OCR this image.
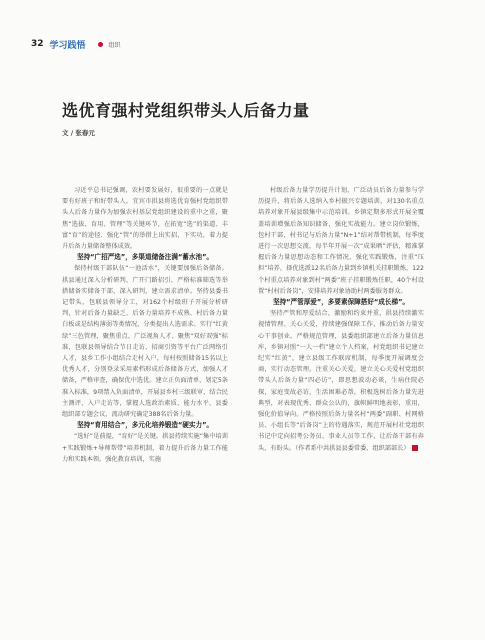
32 学习践悟	组织
选优育强村党组织带头人后备力量
文 / 张春元

习近平总书记强调，农村要发展好，很重要的一点就是要有好班子和好带头人。宜宾市拱县将选优育强村党组织带头人后备力量作为加强农村基层党组织建设的重中之重，聚焦“选拔、育用、管理”等关键环节，在拓宽“选”的渠道、丰富“育”的途径、强化“管”的举措上出实招、下实功，着力提升后备力量储备整体成效。

坚持“广招严选”，多渠道储备注满“蓄水池”。

保持村级干部队伍“一池活水”，关键要加强后备储备。拱县通过深入分析研判、广开门路招引、严格标准筛选等举措储备实储备干部，深入研判，建立需求清单。坚持县委书记带头，包联县领导分工，对162个村级班子开展分析研判，针对后备力量缺乏、后备力量培养不成熟、村后备力量白板或是结构薄弱等类情况，分类提出人选需求。实行“红黄绿”三色管理，聚焦重点、广泛视角人才、聚焦“双好双强”标准，包联县领导结合节日走访、招商引资等平台广泛网络引人才，县乡工作小组结合走村入户，每村按照储备15名以上优秀人才，分别登录采用素档形成后备储备方式，加强人才储备，严格审查，确保优中选优。建立正负面清单，划定5条准入标准，9项禁入负面清单，开展县乡村三级联审、结合民主测评、入户走访等，掌握人选政治素质、能力水平，县委组织部专题会议，流动研究确定388名后备力量。

坚持“育用结合”，多元化培养锻造“硬实力”。

“选好”是前提，“育好”是关键。拱县持续实施“集中培训+实践锻炼+导师帮带”培养机制，着力提升后备力量工作能力和实践本领。强化教育培训，实施

村级后备力量学历提升计划，广泛动员后备力量参与学历提升，将后备人选纳入乡村振兴专题培训，对130名重点培养对象开展县级集中示范培训。乡镇定期多形式开展全覆盖培训增强后备知识储备，强化实战能力。建立岗位锻炼，包村干部，村书记与后备力量“N+1”结对帮带机制，每季度进行一次思想交流，每半年开展一次“成果晒”评估，精准掌握后备力量思想动态和工作情况，强化实践锻炼，注重“压担”培养，择优选派12名后备力量到乡镇机关挂职锻炼，122个村重点培养对象到村“两委”班子挂职锻炼任职，40个村设置“村村后备岗”，安排培养对象协助村两委服务群众。

坚持“严管厚爱”，多要素保障搭好“成长梯”。

坚持严管和厚爱结合，激励和约束并重，拱县持续激实视情管理、关心关爱，持续建强保障工作，推动后备力量安心干事创业。严格规范管理，县委组织部建立后备力量信息库，乡镇对照“一人一档”建立个人档案，村党组织书记建立纪实“红黄”，建立县级工作联席机制，每季度开展调度会商，实行动态管理。注重关心关爱，建立关心关爱村党组织带头人后备力量“四必访”，即思想波动必谈，生病住院必探，家庭变故必访，生活困难必帮，积极选树后备力量先进典型，对表现优秀、群众公认的，旗帜鲜明地表彰，重用，强化价值导向。严格按照后备力量名村“两委”副职、村网格员、小组长等“后备岗”上的待遇落实，规范开展村社党组织书记中定向招考公务员、事业人员等工作，让后备干部有奔头，有盼头。（作者系中共拱县县委常委、组织部部长）
